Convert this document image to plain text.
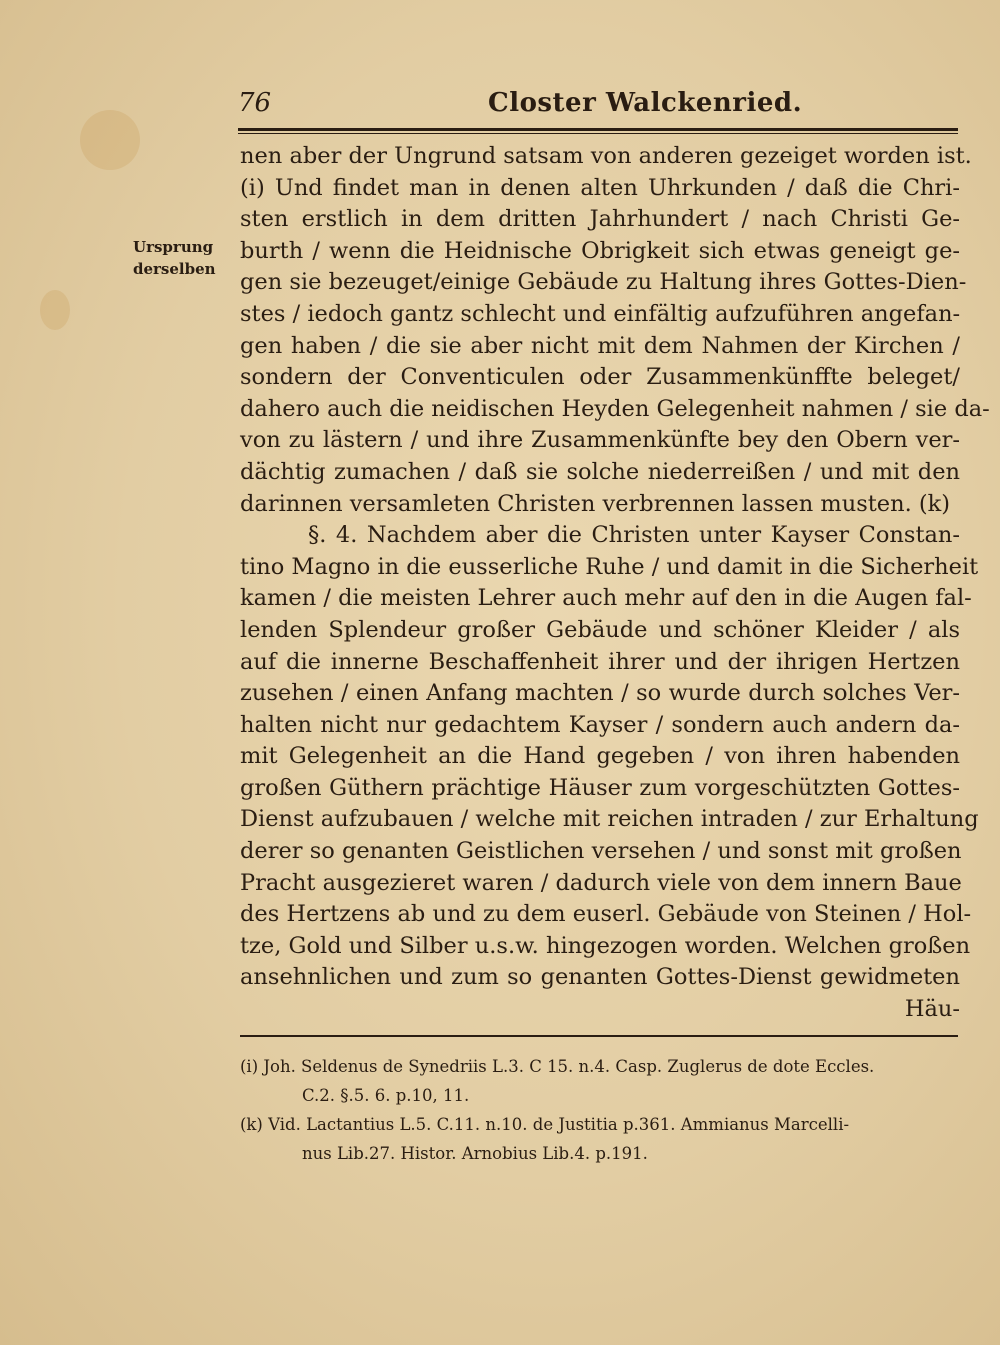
76	Closter Walckenried.
Ursprung
derselben
nen aber der Ungrund satsam von anderen gezeiget worden ist.
(i) Und findet man in denen alten Uhrkunden / daß die Chri-
sten erstlich in dem dritten Jahrhundert / nach Christi Ge-
burth / wenn die Heidnische Obrigkeit sich etwas geneigt ge-
gen sie bezeuget/einige Gebäude zu Haltung ihres Gottes-Dien-
stes / iedoch gantz schlecht und einfältig aufzuführen angefan-
gen haben / die sie aber nicht mit dem Nahmen der Kirchen /
sondern der Conventiculen oder Zusammenkünffte beleget/
dahero auch die neidischen Heyden Gelegenheit nahmen / sie da-
von zu lästern / und ihre Zusammenkünfte bey den Obern ver-
dächtig zumachen / daß sie solche niederreißen / und mit den
darinnen versamleten Christen verbrennen lassen musten. (k)
§. 4. Nachdem aber die Christen unter Kayser Constan-
tino Magno in die eusserliche Ruhe / und damit in die Sicherheit
kamen / die meisten Lehrer auch mehr auf den in die Augen fal-
lenden Splendeur großer Gebäude und schöner Kleider / als
auf die innerne Beschaffenheit ihrer und der ihrigen Hertzen
zusehen / einen Anfang machten / so wurde durch solches Ver-
halten nicht nur gedachtem Kayser / sondern auch andern da-
mit Gelegenheit an die Hand gegeben / von ihren habenden
großen Güthern prächtige Häuser zum vorgeschützten Gottes-
Dienst aufzubauen / welche mit reichen intraden / zur Erhaltung
derer so genanten Geistlichen versehen / und sonst mit großen
Pracht ausgezieret waren / dadurch viele von dem innern Baue
des Hertzens ab und zu dem euserl. Gebäude von Steinen / Hol-
tze, Gold und Silber u.s.w. hingezogen worden. Welchen großen
ansehnlichen und zum so genanten Gottes-Dienst gewidmeten
Häu-
(i) Joh. Seldenus de Synedriis L.3. C 15. n.4. Casp. Zuglerus de dote Eccles.
C.2. §.5. 6. p.10, 11.
(k) Vid. Lactantius L.5. C.11. n.10. de Justitia p.361. Ammianus Marcelli-
nus Lib.27. Histor. Arnobius Lib.4. p.191.
